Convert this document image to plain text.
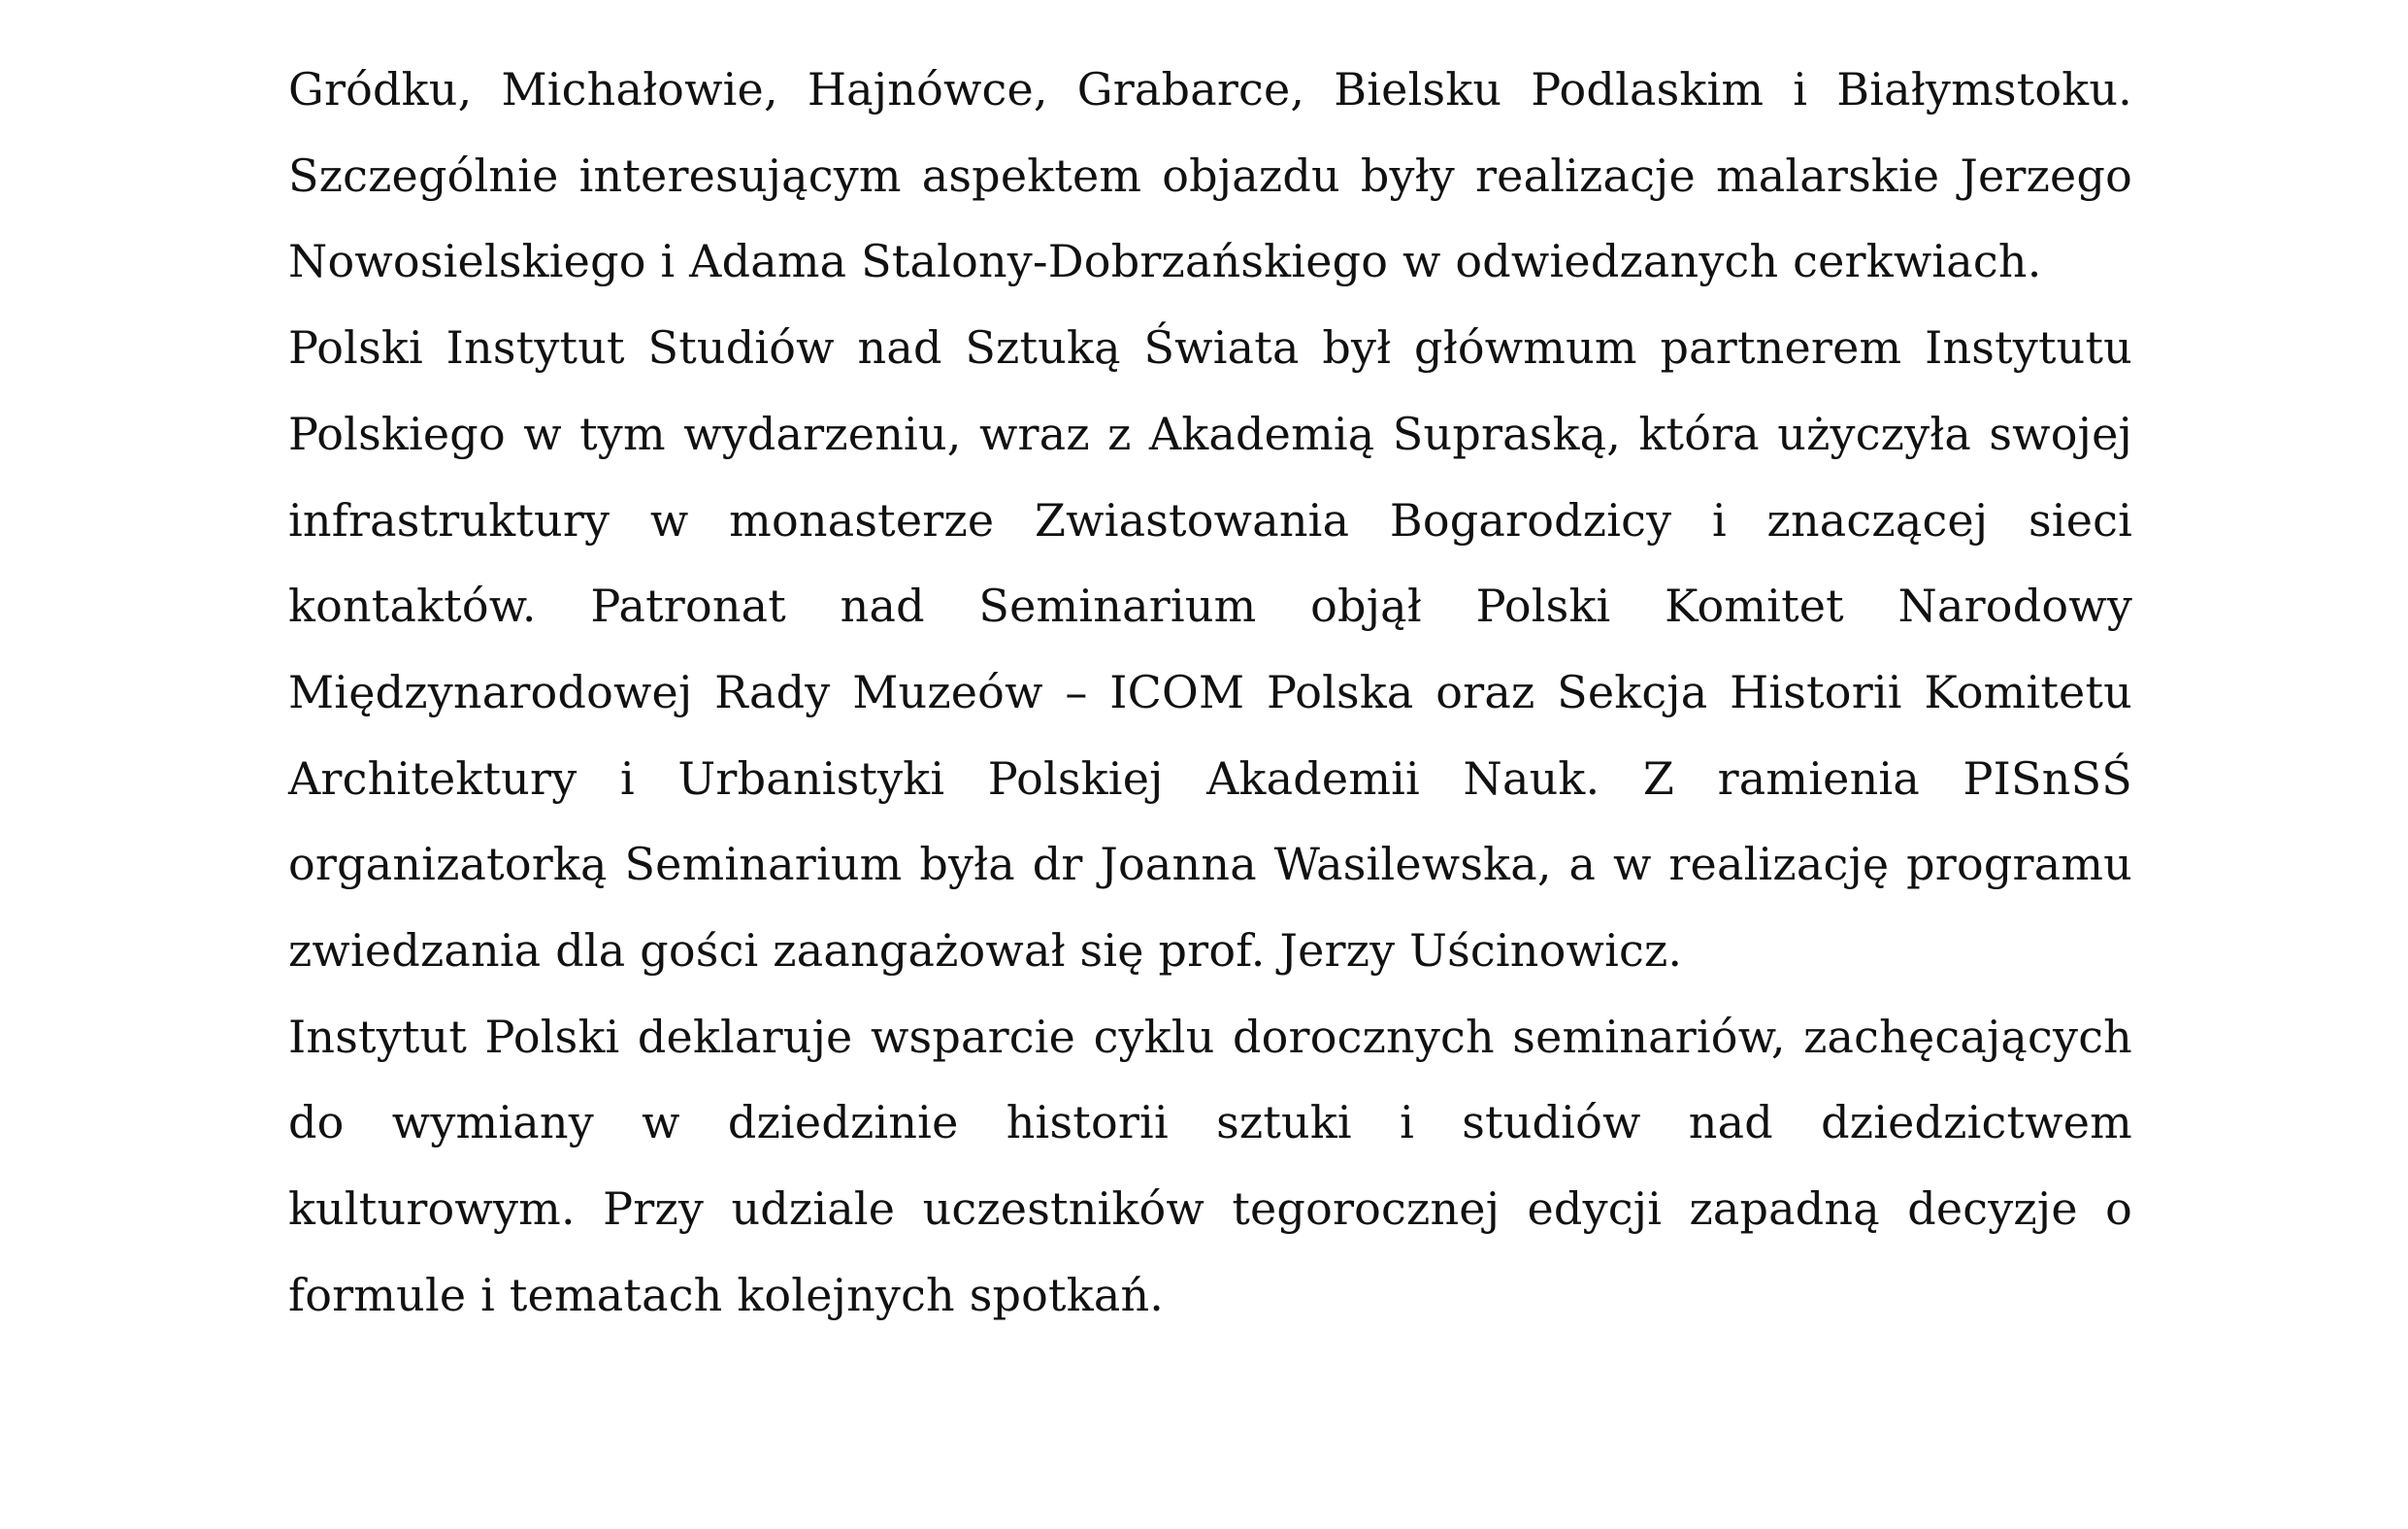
Gródku, Michałowie, Hajnówce, Grabarce, Bielsku Podlaskim i Białymstoku. Szczególnie interesującym aspektem objazdu były realizacje malarskie Jerzego Nowosielskiego i Adama Stalony-Dobrzańskiego w odwiedzanych cerkwiach.

Polski Instytut Studiów nad Sztuką Świata był główmum partnerem Instytutu Polskiego w tym wydarzeniu, wraz z Akademią Supraską, która użyczyła swojej infrastruktury w monasterze Zwiastowania Bogarodzicy i znaczącej sieci kontaktów. Patronat nad Seminarium objął Polski Komitet Narodowy Międzynarodowej Rady Muzeów – ICOM Polska oraz Sekcja Historii Komitetu Architektury i Urbanistyki Polskiej Akademii Nauk. Z ramienia PISnSŚ organizatorką Seminarium była dr Joanna Wasilewska, a w realizację programu zwiedzania dla gości zaangażował się prof. Jerzy Uścinowicz.

Instytut Polski deklaruje wsparcie cyklu dorocznych seminariów, zachęcających do wymiany w dziedzinie historii sztuki i studiów nad dziedzictwem kulturowym. Przy udziale uczestników tegorocznej edycji zapadną decyzje o formule i tematach kolejnych spotkań.
